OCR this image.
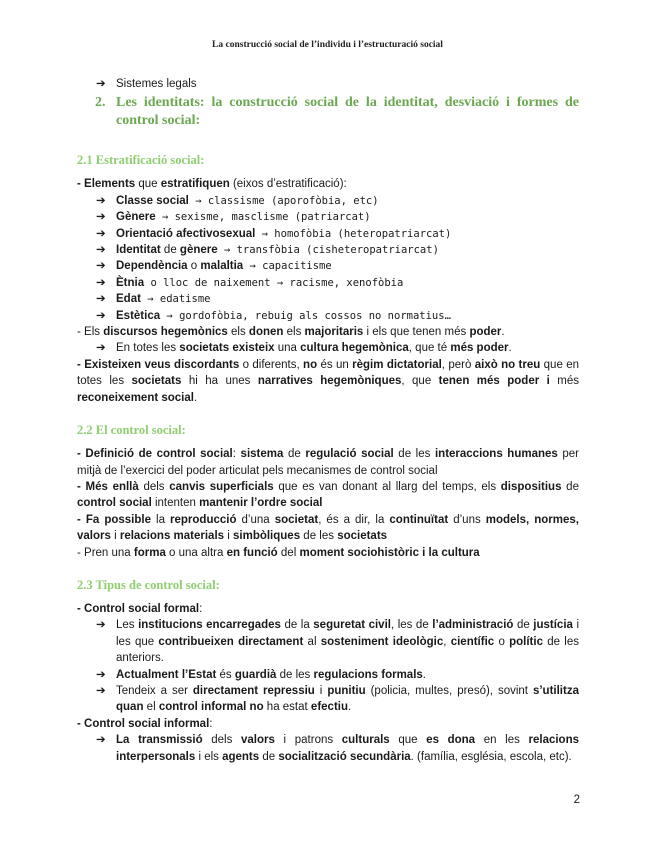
La construcció social de l’individu i l’estructuració social
➔ Sistemes legals
2. Les identitats: la construcció social de la identitat, desviació i formes de control social:
2.1 Estratificació social:
- Elements que estratifiquen (eixos d’estratificació):
➔ Classe social → classisme (aporofòbia, etc)
➔ Gènere → sexisme, masclisme (patriarcat)
➔ Orientació afectivosexual → homofòbia (heteropatriarcat)
➔ Identitat de gènere → transfòbia (cisheteropatriarcat)
➔ Dependència o malaltia → capacitisme
➔ Ètnia o lloc de naixement → racisme, xenofòbia
➔ Edat → edatisme
➔ Estètica → gordofòbia, rebuig als cossos no normatius…
- Els discursos hegemònics els donen els majoritaris i els que tenen més poder.
➔ En totes les societats existeix una cultura hegemònica, que té més poder.
- Existeixen veus discordants o diferents, no és un règim dictatorial, però això no treu que en totes les societats hi ha unes narratives hegemòniques, que tenen més poder i més reconeixement social.
2.2 El control social:
- Definició de control social: sistema de regulació social de les interaccions humanes per mitjà de l’exercici del poder articulat pels mecanismes de control social
- Més enllà dels canvis superficials que es van donant al llarg del temps, els dispositius de control social intenten mantenir l’ordre social
- Fa possible la reproducció d’una societat, és a dir, la continuïtat d’uns models, normes, valors i relacions materials i simbòliques de les societats
- Pren una forma o una altra en funció del moment sociohistòric i la cultura
2.3 Tipus de control social:
- Control social formal:
➔ Les institucions encarregades de la seguretat civil, les de l’administració de justícia i les que contribueixen directament al sosteniment ideològic, científic o polític de les anteriors.
➔ Actualment l’Estat és guardià de les regulacions formals.
➔ Tendeix a ser directament repressiu i punitiu (policia, multes, presó), sovint s’utilitza quan el control informal no ha estat efectiu.
- Control social informal:
➔ La transmissió dels valors i patrons culturals que es dona en les relacions interpersonals i els agents de socialització secundària. (família, església, escola, etc).
2
